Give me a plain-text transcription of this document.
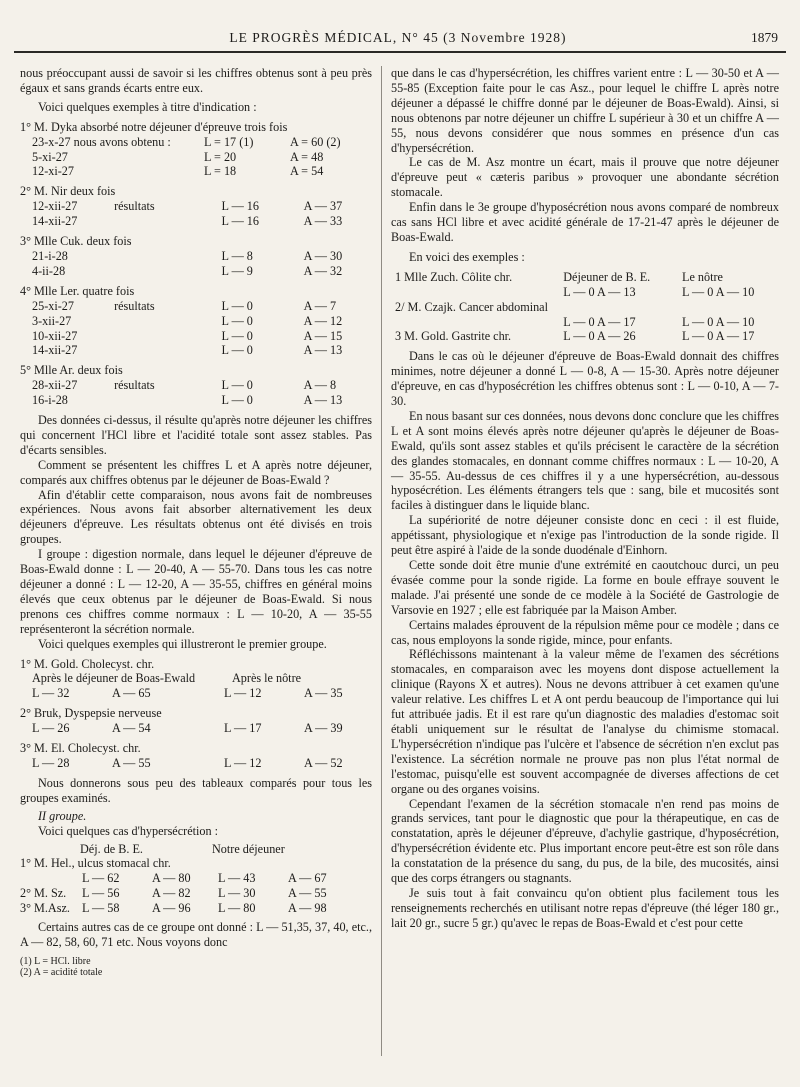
LE PROGRÈS MÉDICAL, N° 45 (3 Novembre 1928)	1879

nous préoccupant aussi de savoir si les chiffres obtenus sont à peu près égaux et sans grands écarts entre eux.

Voici quelques exemples à titre d'indication :

1° M. Dyka absorbé notre déjeuner d'épreuve trois fois
23-x-27 nous avons obtenu :	L = 17 (1)	A = 60 (2)
5-xi-27	L = 20	A = 48
12-xi-27	L = 18	A = 54
2° M. Nir deux fois
12-xii-27	résultats	L — 16	A — 37
14-xii-27	L — 16	A — 33
3° Mlle Cuk. deux fois
21-i-28	L — 8	A — 30
4-ii-28	L — 9	A — 32
4° Mlle Ler. quatre fois
25-xi-27	résultats	L — 0	A — 7
3-xii-27	L — 0	A — 12
10-xii-27	L — 0	A — 15
14-xii-27	L — 0	A — 13
5° Mlle Ar. deux fois
28-xii-27	résultats	L — 0	A — 8
16-i-28	L — 0	A — 13

Des données ci-dessus, il résulte qu'après notre déjeuner les chiffres qui concernent l'HCl libre et l'acidité totale sont assez stables. Pas d'écarts sensibles.

Comment se présentent les chiffres L et A après notre déjeuner, comparés aux chiffres obtenus par le déjeuner de Boas-Ewald ?

Afin d'établir cette comparaison, nous avons fait de nombreuses expériences. Nous avons fait absorber alternativement les deux déjeuners d'épreuve. Les résultats obtenus ont été divisés en trois groupes.

I groupe : digestion normale, dans lequel le déjeuner d'épreuve de Boas-Ewald donne : L — 20-40, A — 55-70. Dans tous les cas notre déjeuner a donné : L — 12-20, A — 35-55, chiffres en général moins élevés que ceux obtenus par le déjeuner de Boas-Ewald. Si nous prenons ces chiffres comme normaux : L — 10-20, A — 35-55 représenteront la sécrétion normale.

Voici quelques exemples qui illustreront le premier groupe.

1° M. Gold. Cholecyst. chr.
Après le déjeuner de Boas-Ewald	Après le nôtre
L — 32	A — 65	L — 12	A — 35
2° Bruk, Dyspepsie nerveuse
L — 26	A — 54	L — 17	A — 39
3° M. El. Cholecyst. chr.
L — 28	A — 55	L — 12	A — 52

Nous donnerons sous peu des tableaux comparés pour tous les groupes examinés.

II groupe.

Voici quelques cas d'hypersécrétion :

Déj. de B. E.	Notre déjeuner
1° M. Hel., ulcus stomacal chr.
L — 62	A — 80	L — 43	A — 67
2° M. Sz.	L — 56	A — 82	L — 30	A — 55
3° M.Asz. L — 58	A — 96	L — 80	A — 98

Certains autres cas de ce groupe ont donné : L — 51,35, 37, 40, etc., A — 82, 58, 60, 71 etc. Nous voyons donc

(1) L = HCl. libre
(2) A = acidité totale

que dans le cas d'hypersécrétion, les chiffres varient entre : L — 30-50 et A — 55-85 (Exception faite pour le cas Asz., pour lequel le chiffre L après notre déjeuner a dépassé le chiffre donné par le déjeuner de Boas-Ewald). Ainsi, si nous obtenons par notre déjeuner un chiffre L supérieur à 30 et un chiffre A — 55, nous devons considérer que nous sommes en présence d'un cas d'hypersécrétion.

Le cas de M. Asz montre un écart, mais il prouve que notre déjeuner d'épreuve peut « cæteris paribus » provoquer une abondante sécrétion stomacale.

Enfin dans le 3e groupe d'hyposécrétion nous avons comparé de nombreux cas sans HCl libre et avec acidité générale de 17-21-47 après le déjeuner de Boas-Ewald.

En voici des exemples :

1 Mlle Zuch. Côlite chr.	Déjeuner de B. E.	Le nôtre
L — 0 A — 13	L — 0 A — 10
2/ M. Czajk. Cancer abdominal
L — 0 A — 17	L — 0 A — 10
3 M. Gold. Gastrite chr.	L — 0 A — 26	L — 0 A — 17

Dans le cas où le déjeuner d'épreuve de Boas-Ewald donnait des chiffres minimes, notre déjeuner a donné L — 0-8, A — 15-30. Après notre déjeuner d'épreuve, en cas d'hyposécrétion les chiffres obtenus sont : L — 0-10, A — 7-30.

En nous basant sur ces données, nous devons donc conclure que les chiffres L et A sont moins élevés après notre déjeuner qu'après le déjeuner de Boas-Ewald, qu'ils sont assez stables et qu'ils précisent le caractère de la sécrétion des glandes stomacales, en donnant comme chiffres normaux : L — 10-20, A — 35-55. Au-dessus de ces chiffres il y a une hypersécrétion, au-dessous hyposécrétion. Les éléments étrangers tels que : sang, bile et mucosités sont faciles à distinguer dans le liquide blanc.

La supériorité de notre déjeuner consiste donc en ceci : il est fluide, appétissant, physiologique et n'exige pas l'introduction de la sonde rigide. Il peut être aspiré à l'aide de la sonde duodénale d'Einhorn.

Cette sonde doit être munie d'une extrémité en caoutchouc durci, un peu évasée comme pour la sonde rigide. La forme en boule effraye souvent le malade. J'ai présenté une sonde de ce modèle à la Société de Gastrologie de Varsovie en 1927 ; elle est fabriquée par la Maison Amber.

Certains malades éprouvent de la répulsion même pour ce modèle ; dans ce cas, nous employons la sonde rigide, mince, pour enfants.

Réfléchissons maintenant à la valeur même de l'examen des sécrétions stomacales, en comparaison avec les moyens dont dispose actuellement la clinique (Rayons X et autres). Nous ne devons attribuer à cet examen qu'une valeur relative. Les chiffres L et A ont perdu beaucoup de l'importance qui lui fut attribuée jadis. Et il est rare qu'un diagnostic des maladies d'estomac soit établi uniquement sur le résultat de l'analyse du chimisme stomacal. L'hypersécrétion n'indique pas l'ulcère et l'absence de sécrétion n'en exclut pas l'existence. La sécrétion normale ne prouve pas non plus l'état normal de l'estomac, puisqu'elle est souvent accompagnée de diverses affections de cet organe ou des organes voisins.

Cependant l'examen de la sécrétion stomacale n'en rend pas moins de grands services, tant pour le diagnostic que pour la thérapeutique, en cas de constatation, après le déjeuner d'épreuve, d'achylie gastrique, d'hyposécrétion, d'hypersécrétion évidente etc. Plus important encore peut-être est son rôle dans la constatation de la présence du sang, du pus, de la bile, des mucosités, ainsi que des corps étrangers ou stagnants.

Je suis tout à fait convaincu qu'on obtient plus facilement tous les renseignements recherchés en utilisant notre repas d'épreuve (thé léger 180 gr., lait 20 gr., sucre 5 gr.) qu'avec le repas de Boas-Ewald et c'est pour cette
